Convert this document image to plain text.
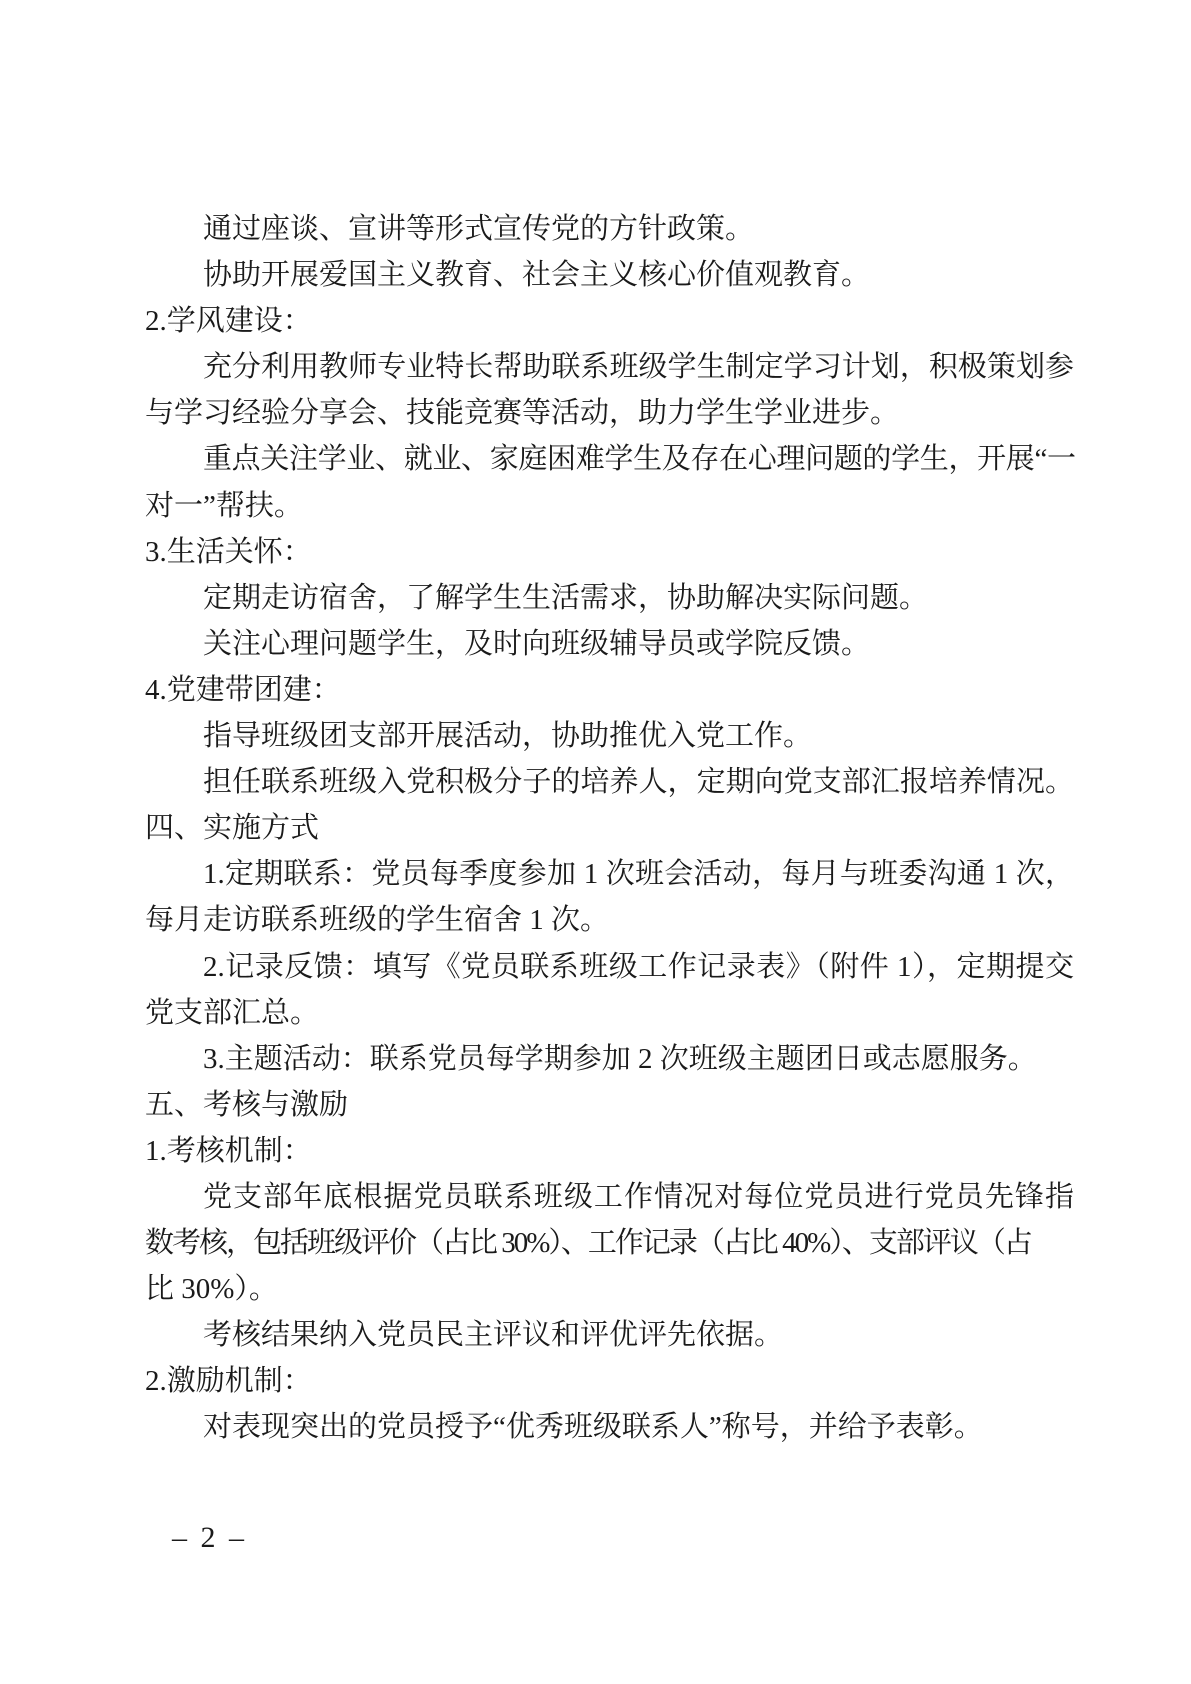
通过座谈、宣讲等形式宣传党的方针政策。
协助开展爱国主义教育、社会主义核心价值观教育。
2.学风建设：
充分利用教师专业特长帮助联系班级学生制定学习计划，积极策划参
与学习经验分享会、技能竞赛等活动，助力学生学业进步。
重点关注学业、就业、家庭困难学生及存在心理问题的学生，开展“一
对一”帮扶。
3.生活关怀：
定期走访宿舍，了解学生生活需求，协助解决实际问题。
关注心理问题学生，及时向班级辅导员或学院反馈。
4.党建带团建：
指导班级团支部开展活动，协助推优入党工作。
担任联系班级入党积极分子的培养人，定期向党支部汇报培养情况。
四、实施方式
1.定期联系：党员每季度参加 1 次班会活动，每月与班委沟通 1 次，
每月走访联系班级的学生宿舍 1 次。
2.记录反馈：填写《党员联系班级工作记录表》（附件 1），定期提交
党支部汇总。
3.主题活动：联系党员每学期参加 2 次班级主题团日或志愿服务。
五、考核与激励
1.考核机制：
党支部年底根据党员联系班级工作情况对每位党员进行党员先锋指
数考核，包括班级评价（占比 30%）、工作记录（占比 40%）、支部评议（占
比 30%）。
考核结果纳入党员民主评议和评优评先依据。
2.激励机制：
对表现突出的党员授予“优秀班级联系人”称号，并给予表彰。
– 2 –
